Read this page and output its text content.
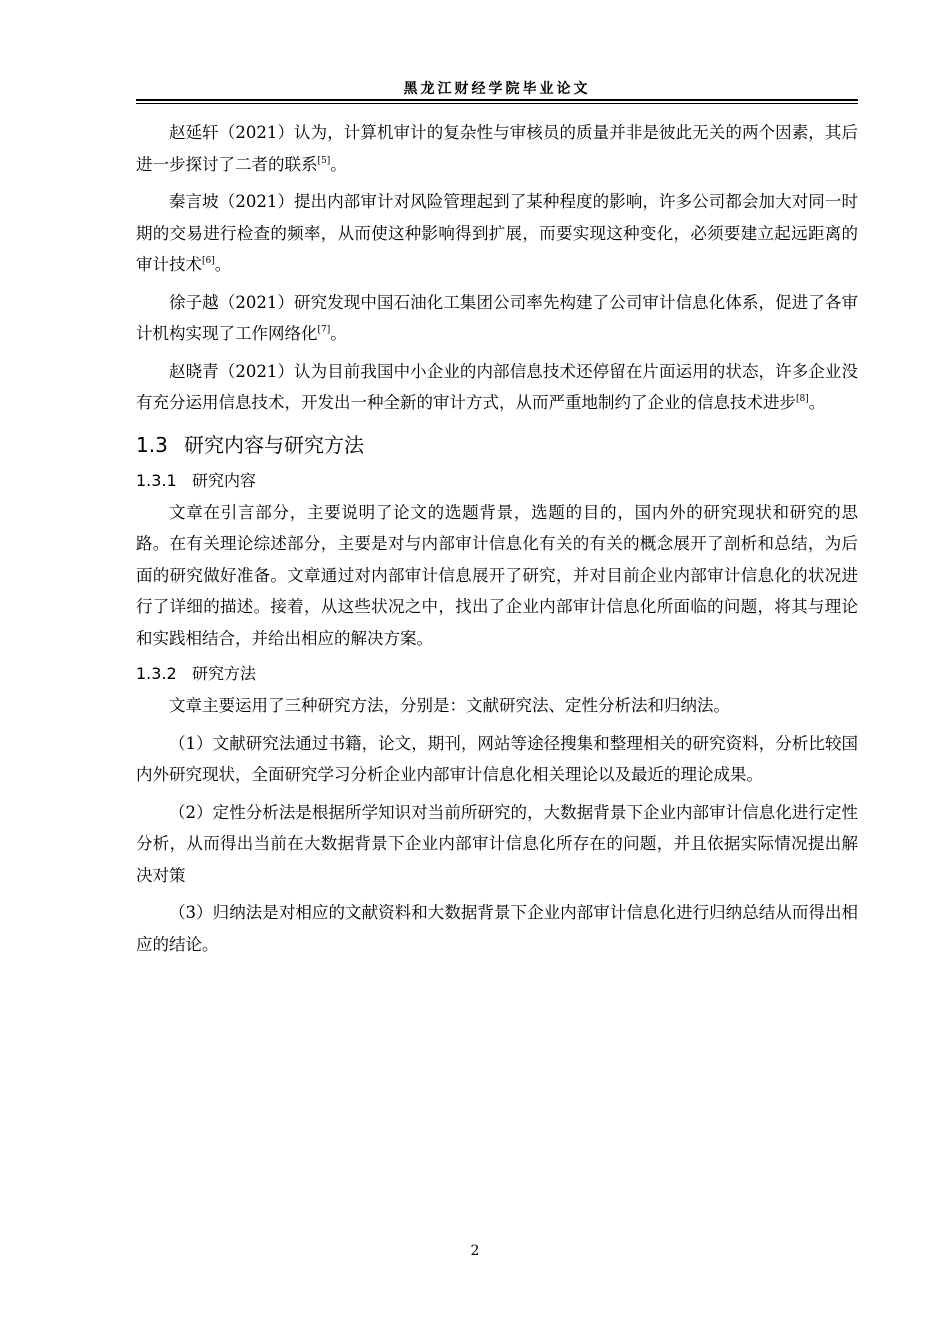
黑龙江财经学院毕业论文

赵延轩（2021）认为，计算机审计的复杂性与审核员的质量并非是彼此无关的两个因素，其后进一步探讨了二者的联系[5]。

秦言坡（2021）提出内部审计对风险管理起到了某种程度的影响，许多公司都会加大对同一时期的交易进行检查的频率，从而使这种影响得到扩展，而要实现这种变化，必须要建立起远距离的审计技术[6]。

徐子越（2021）研究发现中国石油化工集团公司率先构建了公司审计信息化体系，促进了各审计机构实现了工作网络化[7]。

赵晓青（2021）认为目前我国中小企业的内部信息技术还停留在片面运用的状态，许多企业没有充分运用信息技术，开发出一种全新的审计方式，从而严重地制约了企业的信息技术进步[8]。

1.3 研究内容与研究方法
1.3.1 研究内容

文章在引言部分，主要说明了论文的选题背景，选题的目的，国内外的研究现状和研究的思路。在有关理论综述部分，主要是对与内部审计信息化有关的有关的概念展开了剖析和总结，为后面的研究做好准备。文章通过对内部审计信息展开了研究，并对目前企业内部审计信息化的状况进行了详细的描述。接着，从这些状况之中，找出了企业内部审计信息化所面临的问题，将其与理论和实践相结合，并给出相应的解决方案。

1.3.2 研究方法

文章主要运用了三种研究方法，分别是：文献研究法、定性分析法和归纳法。

（1）文献研究法通过书籍，论文，期刊，网站等途径搜集和整理相关的研究资料，分析比较国内外研究现状，全面研究学习分析企业内部审计信息化相关理论以及最近的理论成果。

（2）定性分析法是根据所学知识对当前所研究的，大数据背景下企业内部审计信息化进行定性分析，从而得出当前在大数据背景下企业内部审计信息化所存在的问题，并且依据实际情况提出解决对策

（3）归纳法是对相应的文献资料和大数据背景下企业内部审计信息化进行归纳总结从而得出相应的结论。

2
